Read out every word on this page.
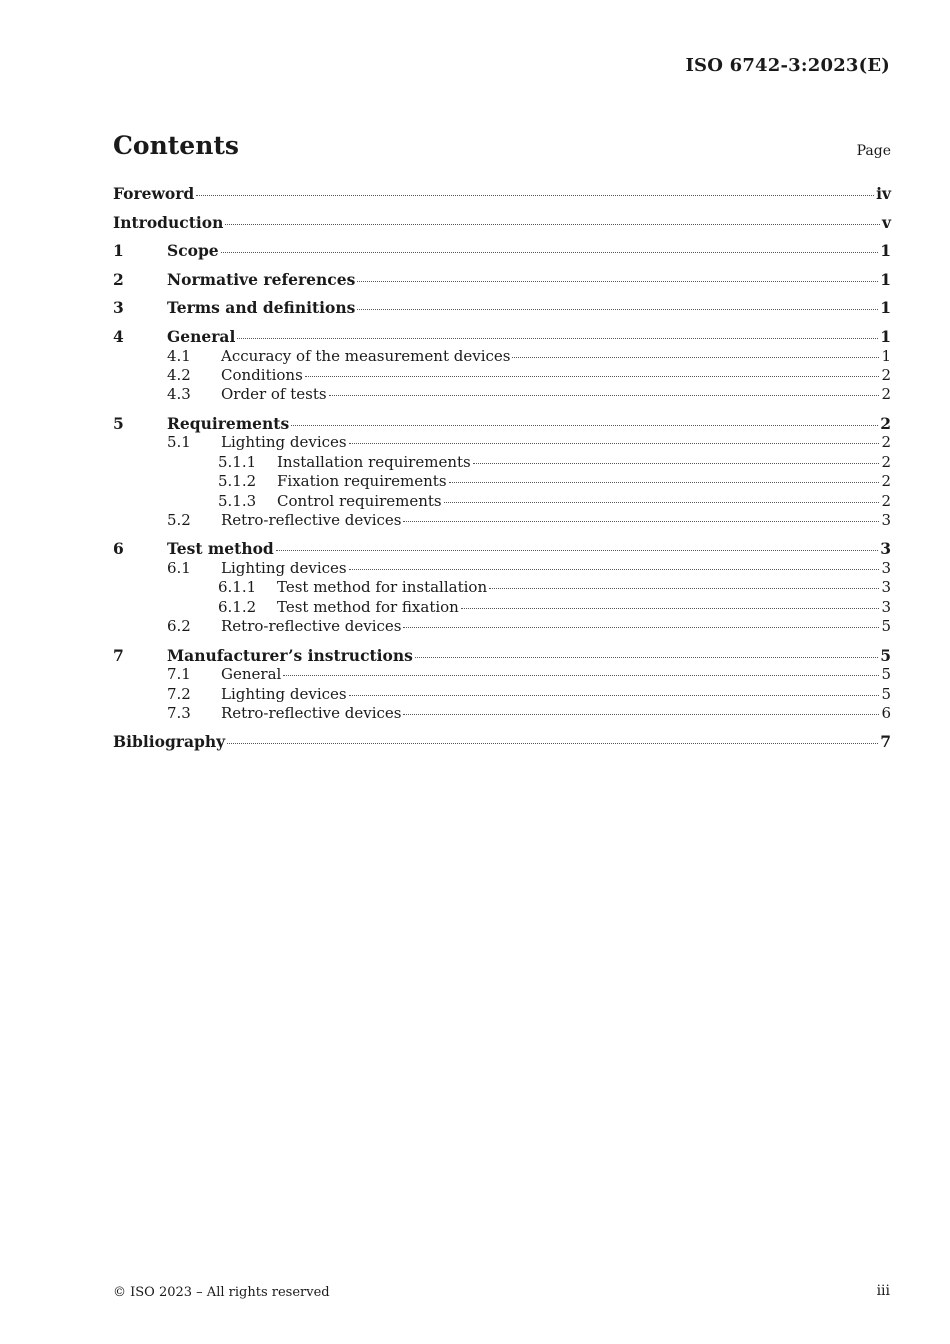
ISO 6742-3:2023(E)
Contents	Page
Foreword	iv
Introduction	v
1	Scope	1
2	Normative references	1
3	Terms and definitions	1
4	General	1
4.1	Accuracy of the measurement devices	1
4.2	Conditions	2
4.3	Order of tests	2
5	Requirements	2
5.1	Lighting devices	2
5.1.1	Installation requirements	2
5.1.2	Fixation requirements	2
5.1.3	Control requirements	2
5.2	Retro-reflective devices	3
6	Test method	3
6.1	Lighting devices	3
6.1.1	Test method for installation	3
6.1.2	Test method for fixation	3
6.2	Retro-reflective devices	5
7	Manufacturer’s instructions	5
7.1	General	5
7.2	Lighting devices	5
7.3	Retro-reflective devices	6
Bibliography	7
© ISO 2023 – All rights reserved	iii
